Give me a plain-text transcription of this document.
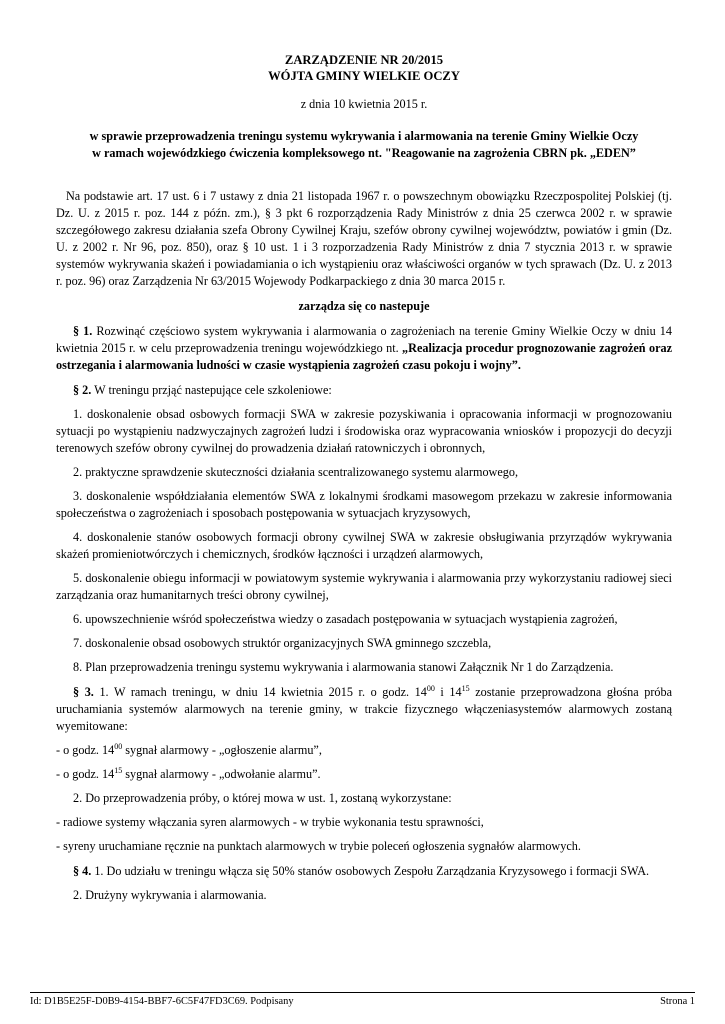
ZARZĄDZENIE NR 20/2015
WÓJTA GMINY WIELKIE OCZY
z dnia 10 kwietnia 2015 r.
w sprawie przeprowadzenia treningu systemu wykrywania i alarmowania na terenie Gminy Wielkie Oczy
w ramach wojewódzkiego ćwiczenia kompleksowego nt. "Reagowanie na zagrożenia CBRN pk. „EDEN”

Na podstawie art. 17 ust. 6 i 7 ustawy z dnia 21 listopada 1967 r. o powszechnym obowiązku Rzeczpospolitej Polskiej (tj. Dz. U. z 2015 r. poz. 144 z późn. zm.), § 3 pkt 6 rozporządzenia Rady Ministrów z dnia 25 czerwca 2002 r. w sprawie szczegółowego zakresu działania szefa Obrony Cywilnej Kraju, szefów obrony cywilnej województw, powiatów i gmin (Dz. U. z 2002 r. Nr 96, poz. 850), oraz § 10 ust. 1 i 3 rozporzadzenia Rady Ministrów z dnia 7 stycznia 2013 r. w sprawie systemów wykrywania skażeń i powiadamiania o ich wystąpieniu oraz właściwości organów w tych sprawach (Dz. U. z 2013 r. poz. 96) oraz Zarządzenia Nr 63/2015 Wojewody Podkarpackiego z dnia 30 marca 2015 r.

zarządza się co nastepuje

§ 1. Rozwinąć częściowo system wykrywania i alarmowania o zagrożeniach na terenie Gminy Wielkie Oczy w dniu 14 kwietnia 2015 r. w celu przeprowadzenia treningu wojewódzkiego nt. „Realizacja procedur prognozowanie zagrożeń oraz ostrzegania i alarmowania ludności w czasie wystąpienia zagrożeń czasu pokoju i wojny”.

§ 2. W treningu przjąć nastepujące cele szkoleniowe:

1. doskonalenie obsad osbowych formacji SWA w zakresie pozyskiwania i opracowania informacji w prognozowaniu sytuacji po wystąpieniu nadzwyczajnych zagrożeń ludzi i środowiska oraz wypracowania wniosków i propozycji do decyzji terenowych szefów obrony cywilnej do prowadzenia działań ratowniczych i obronnych,

2. praktyczne sprawdzenie skuteczności działania scentralizowanego systemu alarmowego,

3. doskonalenie współdziałania elementów SWA z lokalnymi środkami masowegom przekazu w zakresie informowania społeczeństwa o zagrożeniach i sposobach postępowania w sytuacjach kryzysowych,

4. doskonalenie stanów osobowych formacji obrony cywilnej SWA w zakresie obsługiwania przyrządów wykrywania skażeń promieniotwórczych i chemicznych, środków łączności i urządzeń alarmowych,

5. doskonalenie obiegu informacji w powiatowym systemie wykrywania i alarmowania przy wykorzystaniu radiowej sieci zarządzania oraz humanitarnych treści obrony cywilnej,

6. upowszechnienie wśród społeczeństwa wiedzy o zasadach postępowania w sytuacjach wystąpienia zagrożeń,

7. doskonalenie obsad osobowych struktór organizacyjnych SWA gminnego szczebla,

8. Plan przeprowadzenia treningu systemu wykrywania i alarmowania stanowi Załącznik Nr 1 do Zarządzenia.

§ 3. 1. W ramach treningu, w dniu 14 kwietnia 2015 r. o godz. $14^{00}$ i $14^{15}$ zostanie przeprowadzona głośna próba uruchamiania systemów alarmowych na terenie gminy, w trakcie fizycznego włączeniasystemów alarmowych zostaną wyemitowane:

- o godz. $14^{00}$ sygnał alarmowy - „ogłoszenie alarmu”,

- o godz. $14^{15}$ sygnał alarmowy - „odwołanie alarmu”.

2. Do przeprowadzenia próby, o której mowa w ust. 1, zostaną wykorzystane:

- radiowe systemy włączania syren alarmowych - w trybie wykonania testu sprawności,

- syreny uruchamiane ręcznie na punktach alarmowych w trybie poleceń ogłoszenia sygnałów alarmowych.

§ 4. 1. Do udziału w treningu włącza się 50% stanów osobowych Zespołu Zarządzania Kryzysowego i formacji SWA.

2. Drużyny wykrywania i alarmowania.

Id: D1B5E25F-D0B9-4154-BBF7-6C5F47FD3C69. Podpisany	Strona 1
